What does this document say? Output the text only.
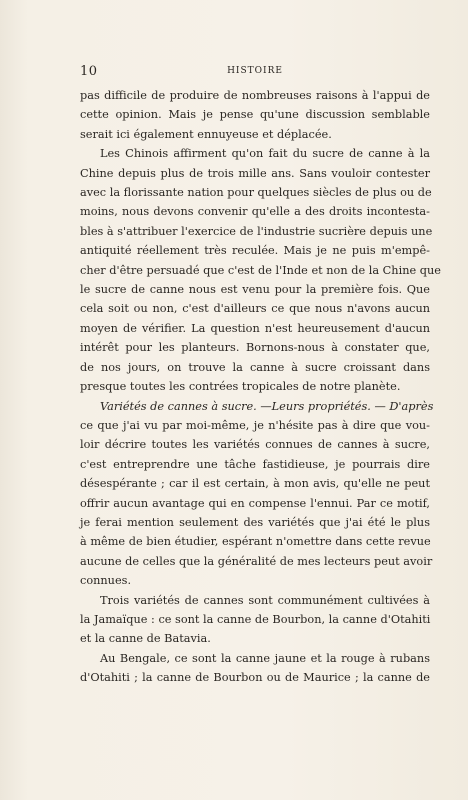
10	HISTOIRE
pas difficile de produire de nombreuses raisons à l'appui de
cette opinion. Mais je pense qu'une discussion semblable
serait ici également ennuyeuse et déplacée.
Les Chinois affirment qu'on fait du sucre de canne à la
Chine depuis plus de trois mille ans. Sans vouloir contester
avec la florissante nation pour quelques siècles de plus ou de
moins, nous devons convenir qu'elle a des droits incontesta-
bles à s'attribuer l'exercice de l'industrie sucrière depuis une
antiquité réellement très reculée. Mais je ne puis m'empê-
cher d'être persuadé que c'est de l'Inde et non de la Chine que
le sucre de canne nous est venu pour la première fois. Que
cela soit ou non, c'est d'ailleurs ce que nous n'avons aucun
moyen de vérifier. La question n'est heureusement d'aucun
intérêt pour les planteurs. Bornons-nous à constater que,
de nos jours, on trouve la canne à sucre croissant dans
presque toutes les contrées tropicales de notre planète.
Variétés de cannes à sucre. —Leurs propriétés. — D'après
ce que j'ai vu par moi-même, je n'hésite pas à dire que vou-
loir décrire toutes les variétés connues de cannes à sucre,
c'est entreprendre une tâche fastidieuse, je pourrais dire
désespérante ; car il est certain, à mon avis, qu'elle ne peut
offrir aucun avantage qui en compense l'ennui. Par ce motif,
je ferai mention seulement des variétés que j'ai été le plus
à même de bien étudier, espérant n'omettre dans cette revue
aucune de celles que la généralité de mes lecteurs peut avoir
connues.
Trois variétés de cannes sont communément cultivées à
la Jamaïque : ce sont la canne de Bourbon, la canne d'Otahiti
et la canne de Batavia.
Au Bengale, ce sont la canne jaune et la rouge à rubans
d'Otahiti ; la canne de Bourbon ou de Maurice ; la canne de
